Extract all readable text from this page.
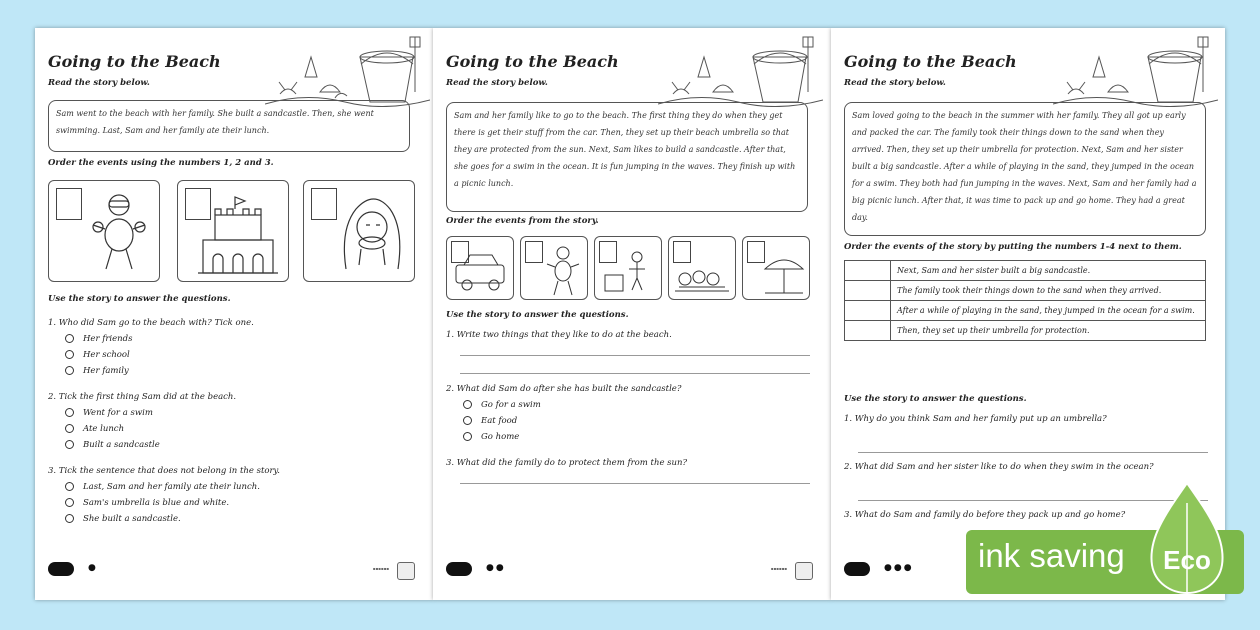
Going to the Beach

Read the story below.

Sam went to the beach with her family. She built a sandcastle. Then, she went swimming. Last, Sam and her family ate their lunch.

Order the events using the numbers 1, 2 and 3.

Use the story to answer the questions.

1. Who did Sam go to the beach with? Tick one.

Her friends
Her school
Her family

2. Tick the first thing Sam did at the beach.

Went for a swim
Ate lunch
Built a sandcastle

3. Tick the sentence that does not belong in the story.

Last, Sam and her family ate their lunch.
Sam's umbrella is blue and white.
She built a sandcastle.
●	▪▪▪▪▪▪
Going to the Beach

Read the story below.

Sam and her family like to go to the beach. The first thing they do when they get there is get their stuff from the car. Then, they set up their beach umbrella so that they are protected from the sun. Next, Sam likes to build a sandcastle. After that, she goes for a swim in the ocean. It is fun jumping in the waves. They finish up with a picnic lunch.

Order the events from the story.

Use the story to answer the questions.

1. Write two things that they like to do at the beach.

2. What did Sam do after she has built the sandcastle?

Go for a swim
Eat food
Go home

3. What did the family do to protect them from the sun?

●●	▪▪▪▪▪▪
Going to the Beach

Read the story below.

Sam loved going to the beach in the summer with her family. They all got up early and packed the car. The family took their things down to the sand when they arrived. Then, they set up their umbrella for protection. Next, Sam and her sister built a big sandcastle. After a while of playing in the sand, they jumped in the ocean for a swim. They both had fun jumping in the waves. Next, Sam and her family had a big picnic lunch. After that, it was time to pack up and go home. They had a great day.

Order the events of the story by putting the numbers 1-4 next to them.

	Next, Sam and her sister built a big sandcastle.
	The family took their things down to the sand when they arrived.
	After a while of playing in the sand, they jumped in the ocean for a swim.
	Then, they set up their umbrella for protection.

Use the story to answer the questions.

1. Why do you think Sam and her family put up an umbrella?

2. What did Sam and her sister like to do when they swim in the ocean?

3. What do Sam and family do before they pack up and go home?

●●● ink saving	Eco
